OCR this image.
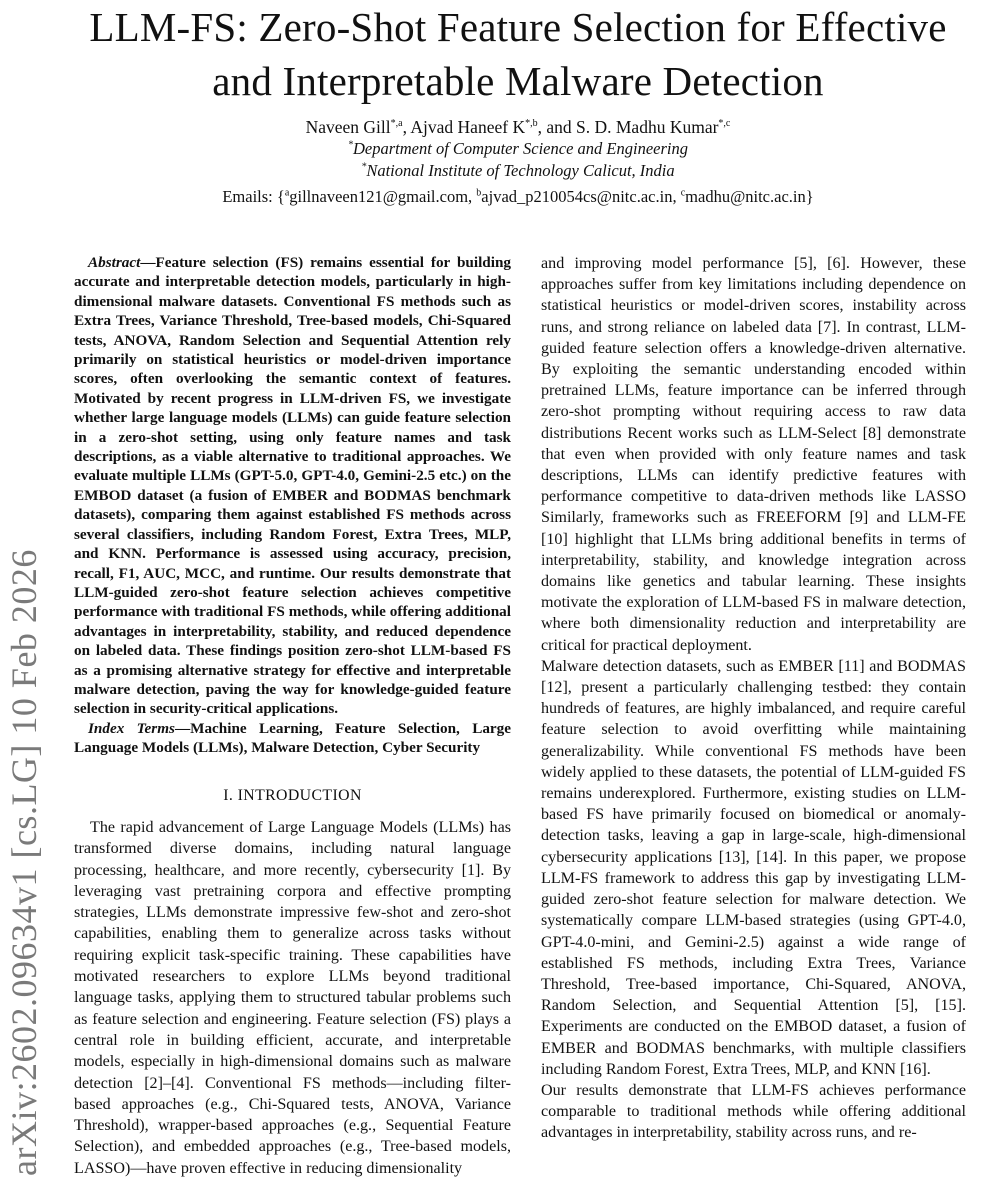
arXiv:2602.09634v1 [cs.LG] 10 Feb 2026
LLM-FS: Zero-Shot Feature Selection for Effective
and Interpretable Malware Detection

Naveen Gill$^{*,a}$, Ajvad Haneef $K^{*,b}$, and S. D. Madhu Kumar$^{*,c}$

*Department of Computer Science and Engineering

*National Institute of Technology Calicut, India

Emails: {$^a$gillnaveen121@gmail.com, $^b$ajvad_p210054cs@nitc.ac.in, $^c$madhu@nitc.ac.in}

Abstract—Feature selection (FS) remains essential for building accurate and interpretable detection models, particularly in high-dimensional malware datasets. Conventional FS methods such as Extra Trees, Variance Threshold, Tree-based models, Chi-Squared tests, ANOVA, Random Selection and Sequential Attention rely primarily on statistical heuristics or model-driven importance scores, often overlooking the semantic context of features. Motivated by recent progress in LLM-driven FS, we investigate whether large language models (LLMs) can guide feature selection in a zero-shot setting, using only feature names and task descriptions, as a viable alternative to traditional approaches. We evaluate multiple LLMs (GPT-5.0, GPT-4.0, Gemini-2.5 etc.) on the EMBOD dataset (a fusion of EMBER and BODMAS benchmark datasets), comparing them against established FS methods across several classifiers, including Random Forest, Extra Trees, MLP, and KNN. Performance is assessed using accuracy, precision, recall, F1, AUC, MCC, and runtime. Our results demonstrate that LLM-guided zero-shot feature selection achieves competitive performance with traditional FS methods, while offering additional advantages in interpretability, stability, and reduced dependence on labeled data. These findings position zero-shot LLM-based FS as a promising alternative strategy for effective and interpretable malware detection, paving the way for knowledge-guided feature selection in security-critical applications.

Index Terms—Machine Learning, Feature Selection, Large Language Models (LLMs), Malware Detection, Cyber Security

I. INTRODUCTION

The rapid advancement of Large Language Models (LLMs) has transformed diverse domains, including natural language processing, healthcare, and more recently, cybersecurity [1]. By leveraging vast pretraining corpora and effective prompting strategies, LLMs demonstrate impressive few-shot and zero-shot capabilities, enabling them to generalize across tasks without requiring explicit task-specific training. These capabilities have motivated researchers to explore LLMs beyond traditional language tasks, applying them to structured tabular problems such as feature selection and engineering. Feature selection (FS) plays a central role in building efficient, accurate, and interpretable models, especially in high-dimensional domains such as malware detection [2]–[4]. Conventional FS methods—including filter-based approaches (e.g., Chi-Squared tests, ANOVA, Variance Threshold), wrapper-based approaches (e.g., Sequential Feature Selection), and embedded approaches (e.g., Tree-based models, LASSO)—have proven effective in reducing dimensionality

and improving model performance [5], [6]. However, these approaches suffer from key limitations including dependence on statistical heuristics or model-driven scores, instability across runs, and strong reliance on labeled data [7]. In contrast, LLM-guided feature selection offers a knowledge-driven alternative. By exploiting the semantic understanding encoded within pretrained LLMs, feature importance can be inferred through zero-shot prompting without requiring access to raw data distributions Recent works such as LLM-Select [8] demonstrate that even when provided with only feature names and task descriptions, LLMs can identify predictive features with performance competitive to data-driven methods like LASSO Similarly, frameworks such as FREEFORM [9] and LLM-FE [10] highlight that LLMs bring additional benefits in terms of interpretability, stability, and knowledge integration across domains like genetics and tabular learning. These insights motivate the exploration of LLM-based FS in malware detection, where both dimensionality reduction and interpretability are critical for practical deployment.

Malware detection datasets, such as EMBER [11] and BODMAS [12], present a particularly challenging testbed: they contain hundreds of features, are highly imbalanced, and require careful feature selection to avoid overfitting while maintaining generalizability. While conventional FS methods have been widely applied to these datasets, the potential of LLM-guided FS remains underexplored. Furthermore, existing studies on LLM-based FS have primarily focused on biomedical or anomaly-detection tasks, leaving a gap in large-scale, high-dimensional cybersecurity applications [13], [14]. In this paper, we propose LLM-FS framework to address this gap by investigating LLM-guided zero-shot feature selection for malware detection. We systematically compare LLM-based strategies (using GPT-4.0, GPT-4.0-mini, and Gemini-2.5) against a wide range of established FS methods, including Extra Trees, Variance Threshold, Tree-based importance, Chi-Squared, ANOVA, Random Selection, and Sequential Attention [5], [15]. Experiments are conducted on the EMBOD dataset, a fusion of EMBER and BODMAS benchmarks, with multiple classifiers including Random Forest, Extra Trees, MLP, and KNN [16].

Our results demonstrate that LLM-FS achieves performance comparable to traditional methods while offering additional advantages in interpretability, stability across runs, and re-
